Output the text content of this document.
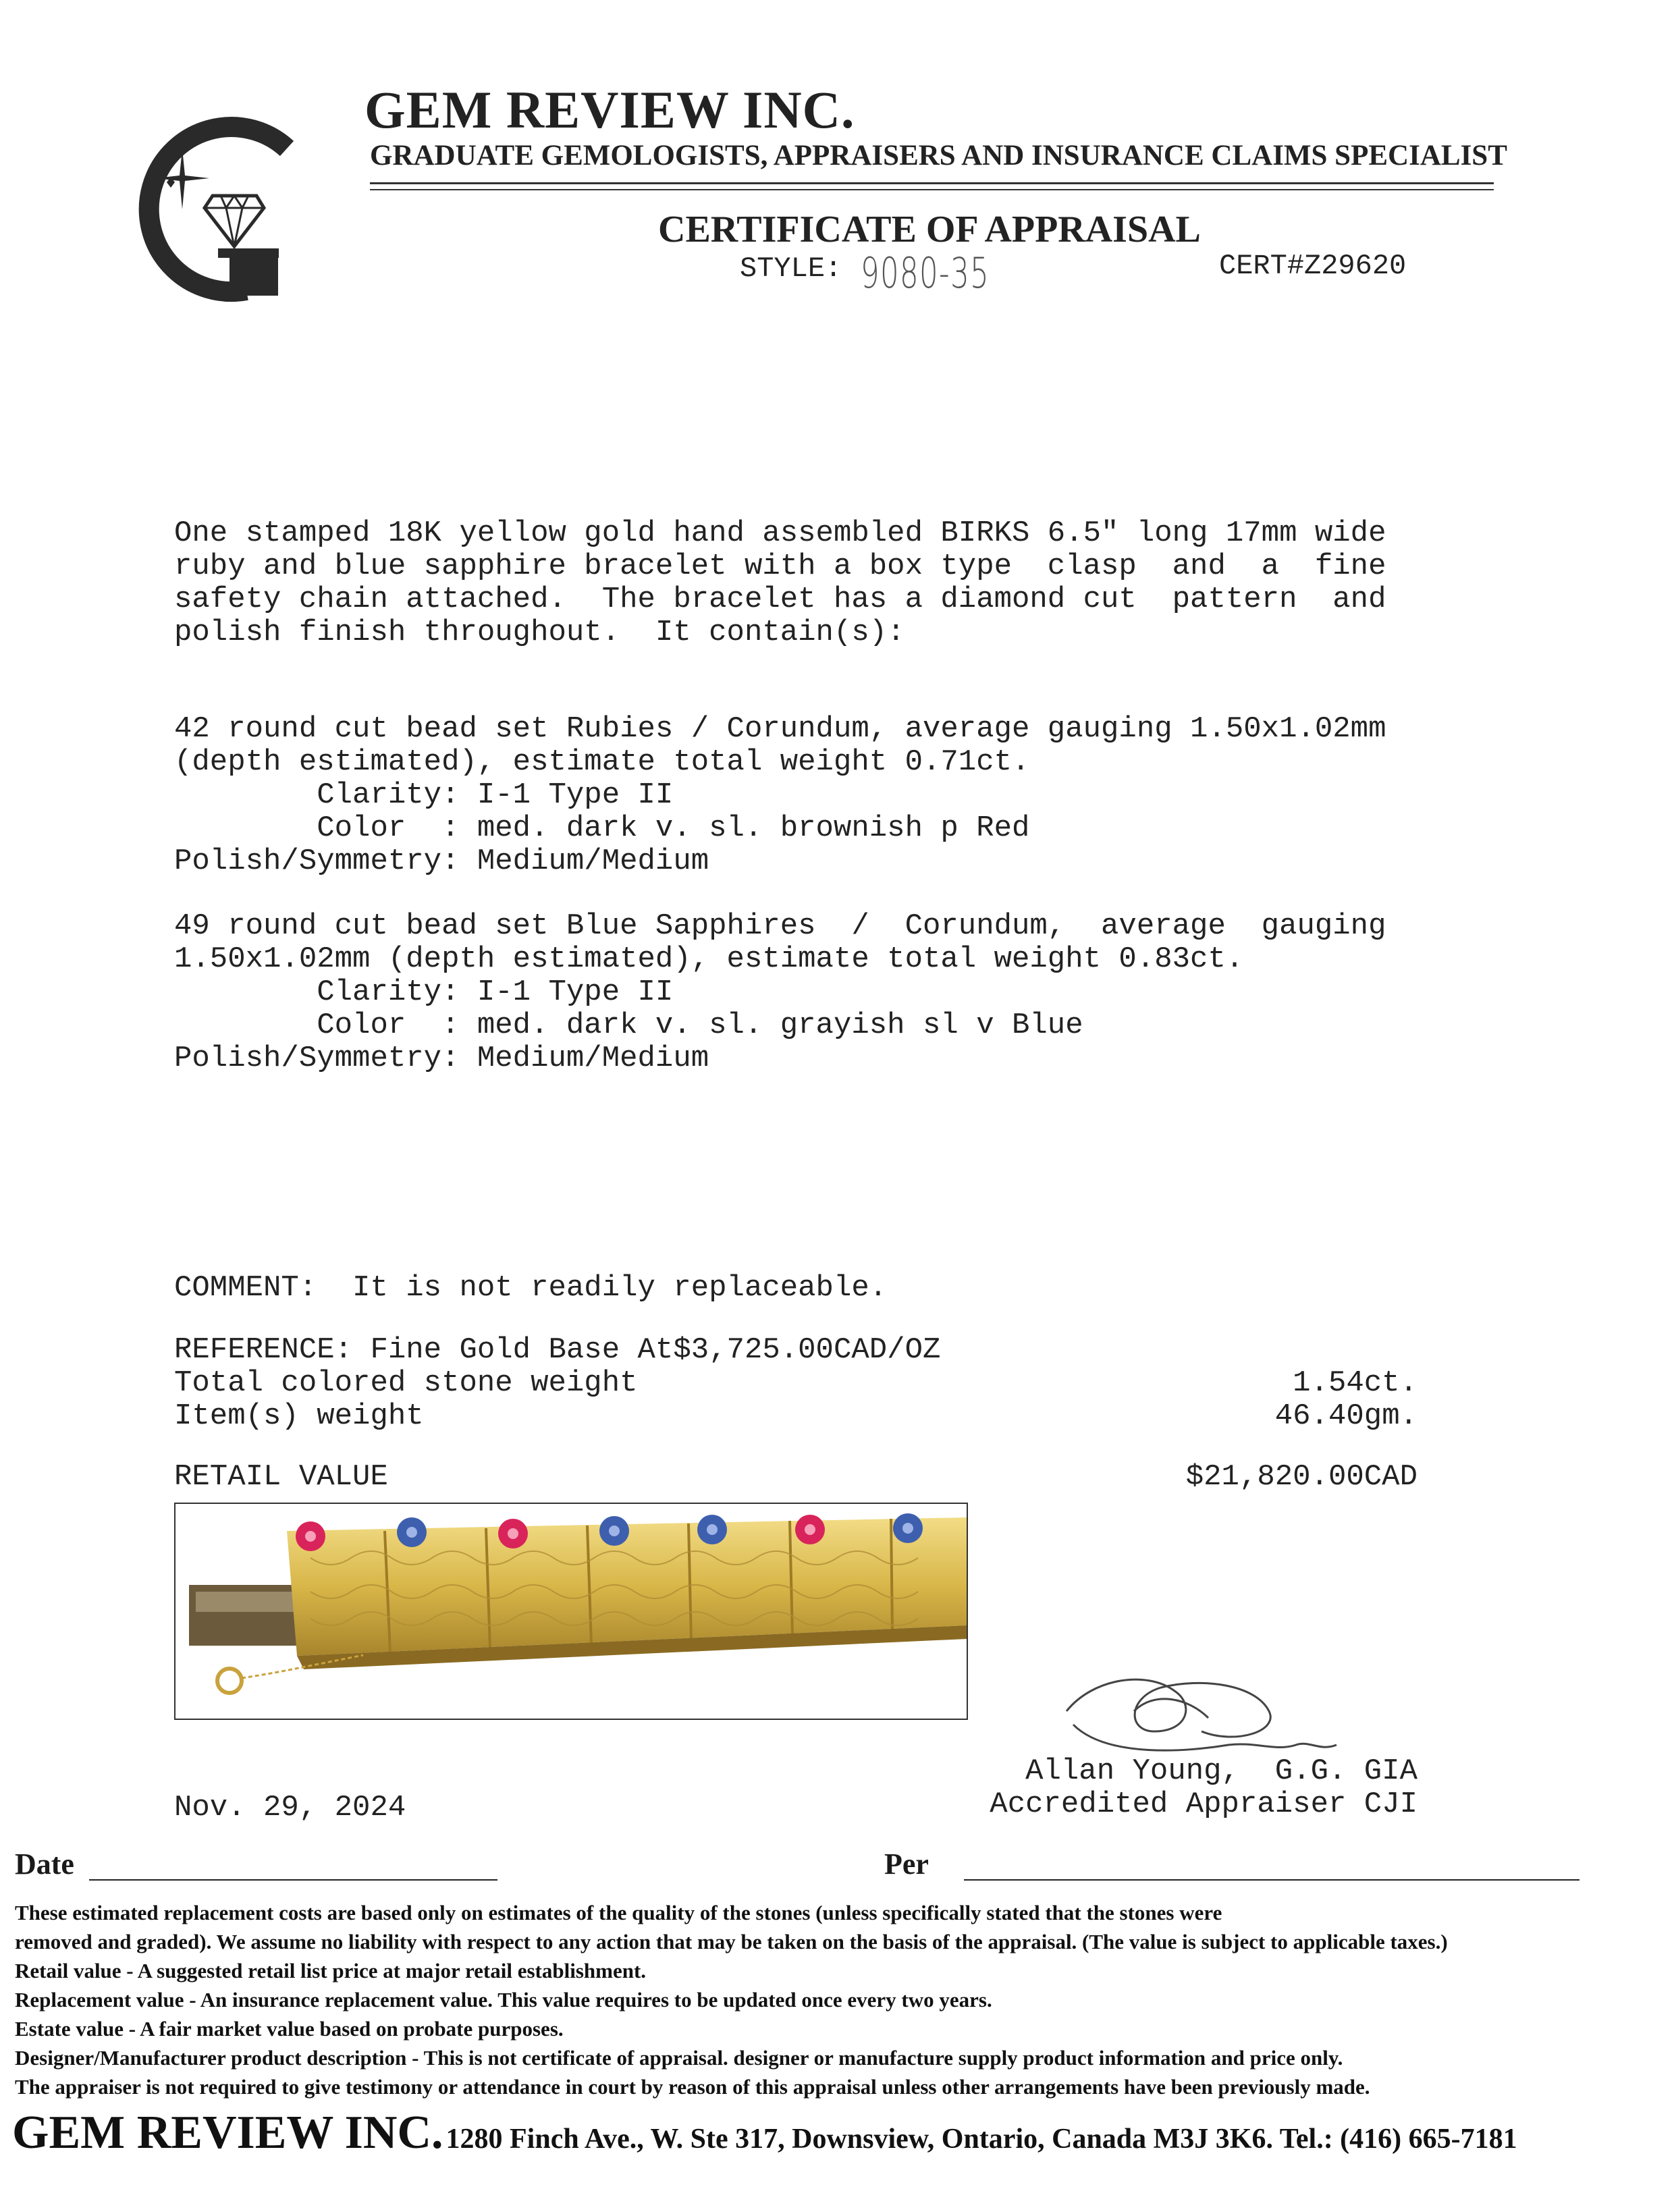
GEM REVIEW INC.
GRADUATE GEMOLOGISTS, APPRAISERS AND INSURANCE CLAIMS SPECIALIST
CERTIFICATE OF APPRAISAL
STYLE: 9080-35	CERT#Z29620
One stamped 18K yellow gold hand assembled BIRKS 6.5" long 17mm wide
ruby and blue sapphire bracelet with a box type  clasp  and  a  fine
safety chain attached.  The bracelet has a diamond cut  pattern  and
polish finish throughout.  It contain(s):
42 round cut bead set Rubies / Corundum, average gauging 1.50x1.02mm
(depth estimated), estimate total weight 0.71ct.
Clarity: I-1 Type II
Color  : med. dark v. sl. brownish p Red
Polish/Symmetry: Medium/Medium
49 round cut bead set Blue Sapphires  /  Corundum,  average  gauging
1.50x1.02mm (depth estimated), estimate total weight 0.83ct.
Clarity: I-1 Type II
Color  : med. dark v. sl. grayish sl v Blue
Polish/Symmetry: Medium/Medium
COMMENT:  It is not readily replaceable.
REFERENCE: Fine Gold Base At$3,725.00CAD/OZ
Total colored stone weight	1.54ct.
Item(s) weight	46.40gm.
RETAIL VALUE	$21,820.00CAD
Allan Young,  G.G. GIA
Accredited Appraiser CJI
Nov. 29, 2024
Date	Per
These estimated replacement costs are based only on estimates of the quality of the stones (unless specifically stated that the stones were
removed and graded). We assume no liability with respect to any action that may be taken on the basis of the appraisal. (The value is subject to applicable taxes.)
Retail value - A suggested retail list price at major retail establishment.
Replacement value - An insurance replacement value. This value requires to be updated once every two years.
Estate value - A fair market value based on probate purposes.
Designer/Manufacturer product description - This is not certificate of appraisal. designer or manufacture supply product information and price only.
The appraiser is not required to give testimony or attendance in court by reason of this appraisal unless other arrangements have been previously made.
GEM REVIEW INC. 1280 Finch Ave., W. Ste 317, Downsview, Ontario, Canada M3J 3K6. Tel.: (416) 665-7181
